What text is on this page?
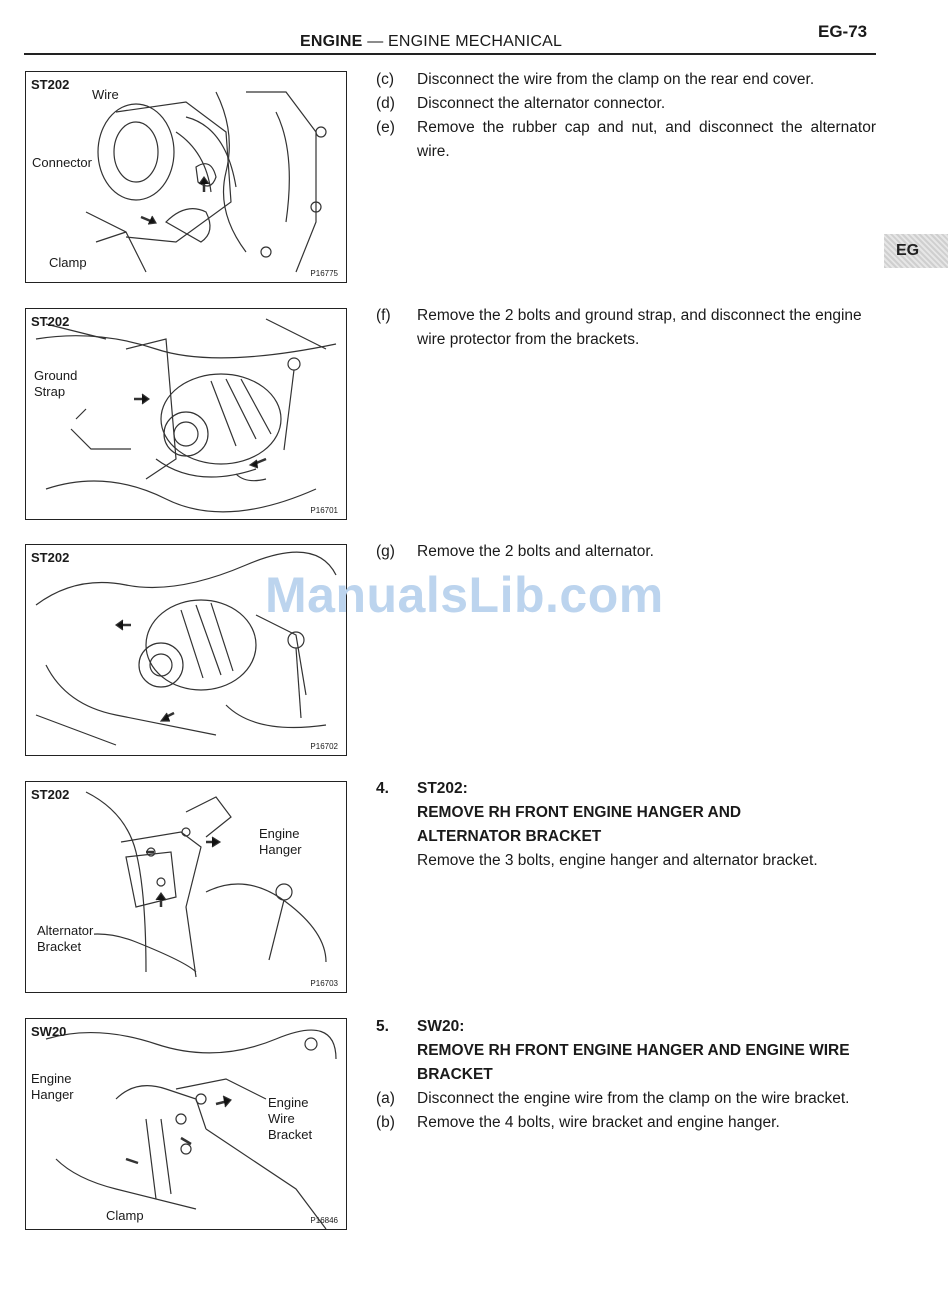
ENGINE — ENGINE MECHANICAL
EG-73
EG
ST202
Wire
Connector
Clamp
P16775
ST202
Ground
Strap
P16701
ST202
P16702
ST202
Engine
Hanger
Alternator
Bracket
P16703
SW20
Engine
Hanger
Engine
Wire
Bracket
Clamp	P16846
ManualsLib.com
(c)	Disconnect the wire from the clamp on the rear end cover.
(d)	Disconnect the alternator connector.
(e)	Remove the rubber cap and nut, and disconnect the alternator wire.
(f)	Remove the 2 bolts and ground strap, and disconnect the engine wire protector from the brackets.
(g)	Remove the 2 bolts and alternator.
4.	ST202:
REMOVE RH FRONT ENGINE HANGER AND ALTERNATOR BRACKET
Remove the 3 bolts, engine hanger and alternator bracket.
5.	SW20:
REMOVE RH FRONT ENGINE HANGER AND ENGINE WIRE BRACKET
(a)	Disconnect the engine wire from the clamp on the wire bracket.
(b)	Remove the 4 bolts, wire bracket and engine hanger.
